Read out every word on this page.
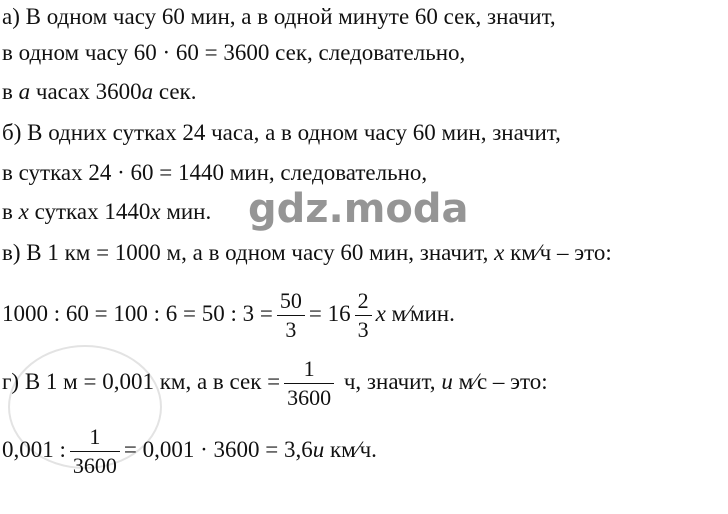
а) В одном часу 60 мин, а в одной минуте 60 сек, значит,
в одном часу 60 · 60 = 3600 сек, следовательно,
в a часах 3600a сек.
б) В одних сутках 24 часа, а в одном часу 60 мин, значит,
в сутках 24 · 60 = 1440 мин, следовательно,
в x сутках 1440x мин. gdz.moda
в) В 1 км = 1000 м, а в одном часу 60 мин, значит, x км⁄ч – это:
1000 : 60 = 100 : 6 = 50 : $3 = \frac{50}{3} = 16 \frac{2}{3}$ x м⁄мин.
г) В 1 м = 0,001 км, а в сек = $\frac{1}{3600} ч$, значит, u м⁄с – это:
0,001 : $\frac{1}{3600} = 0,001 \cdot 3600 = 3,6u$ км⁄ч.
